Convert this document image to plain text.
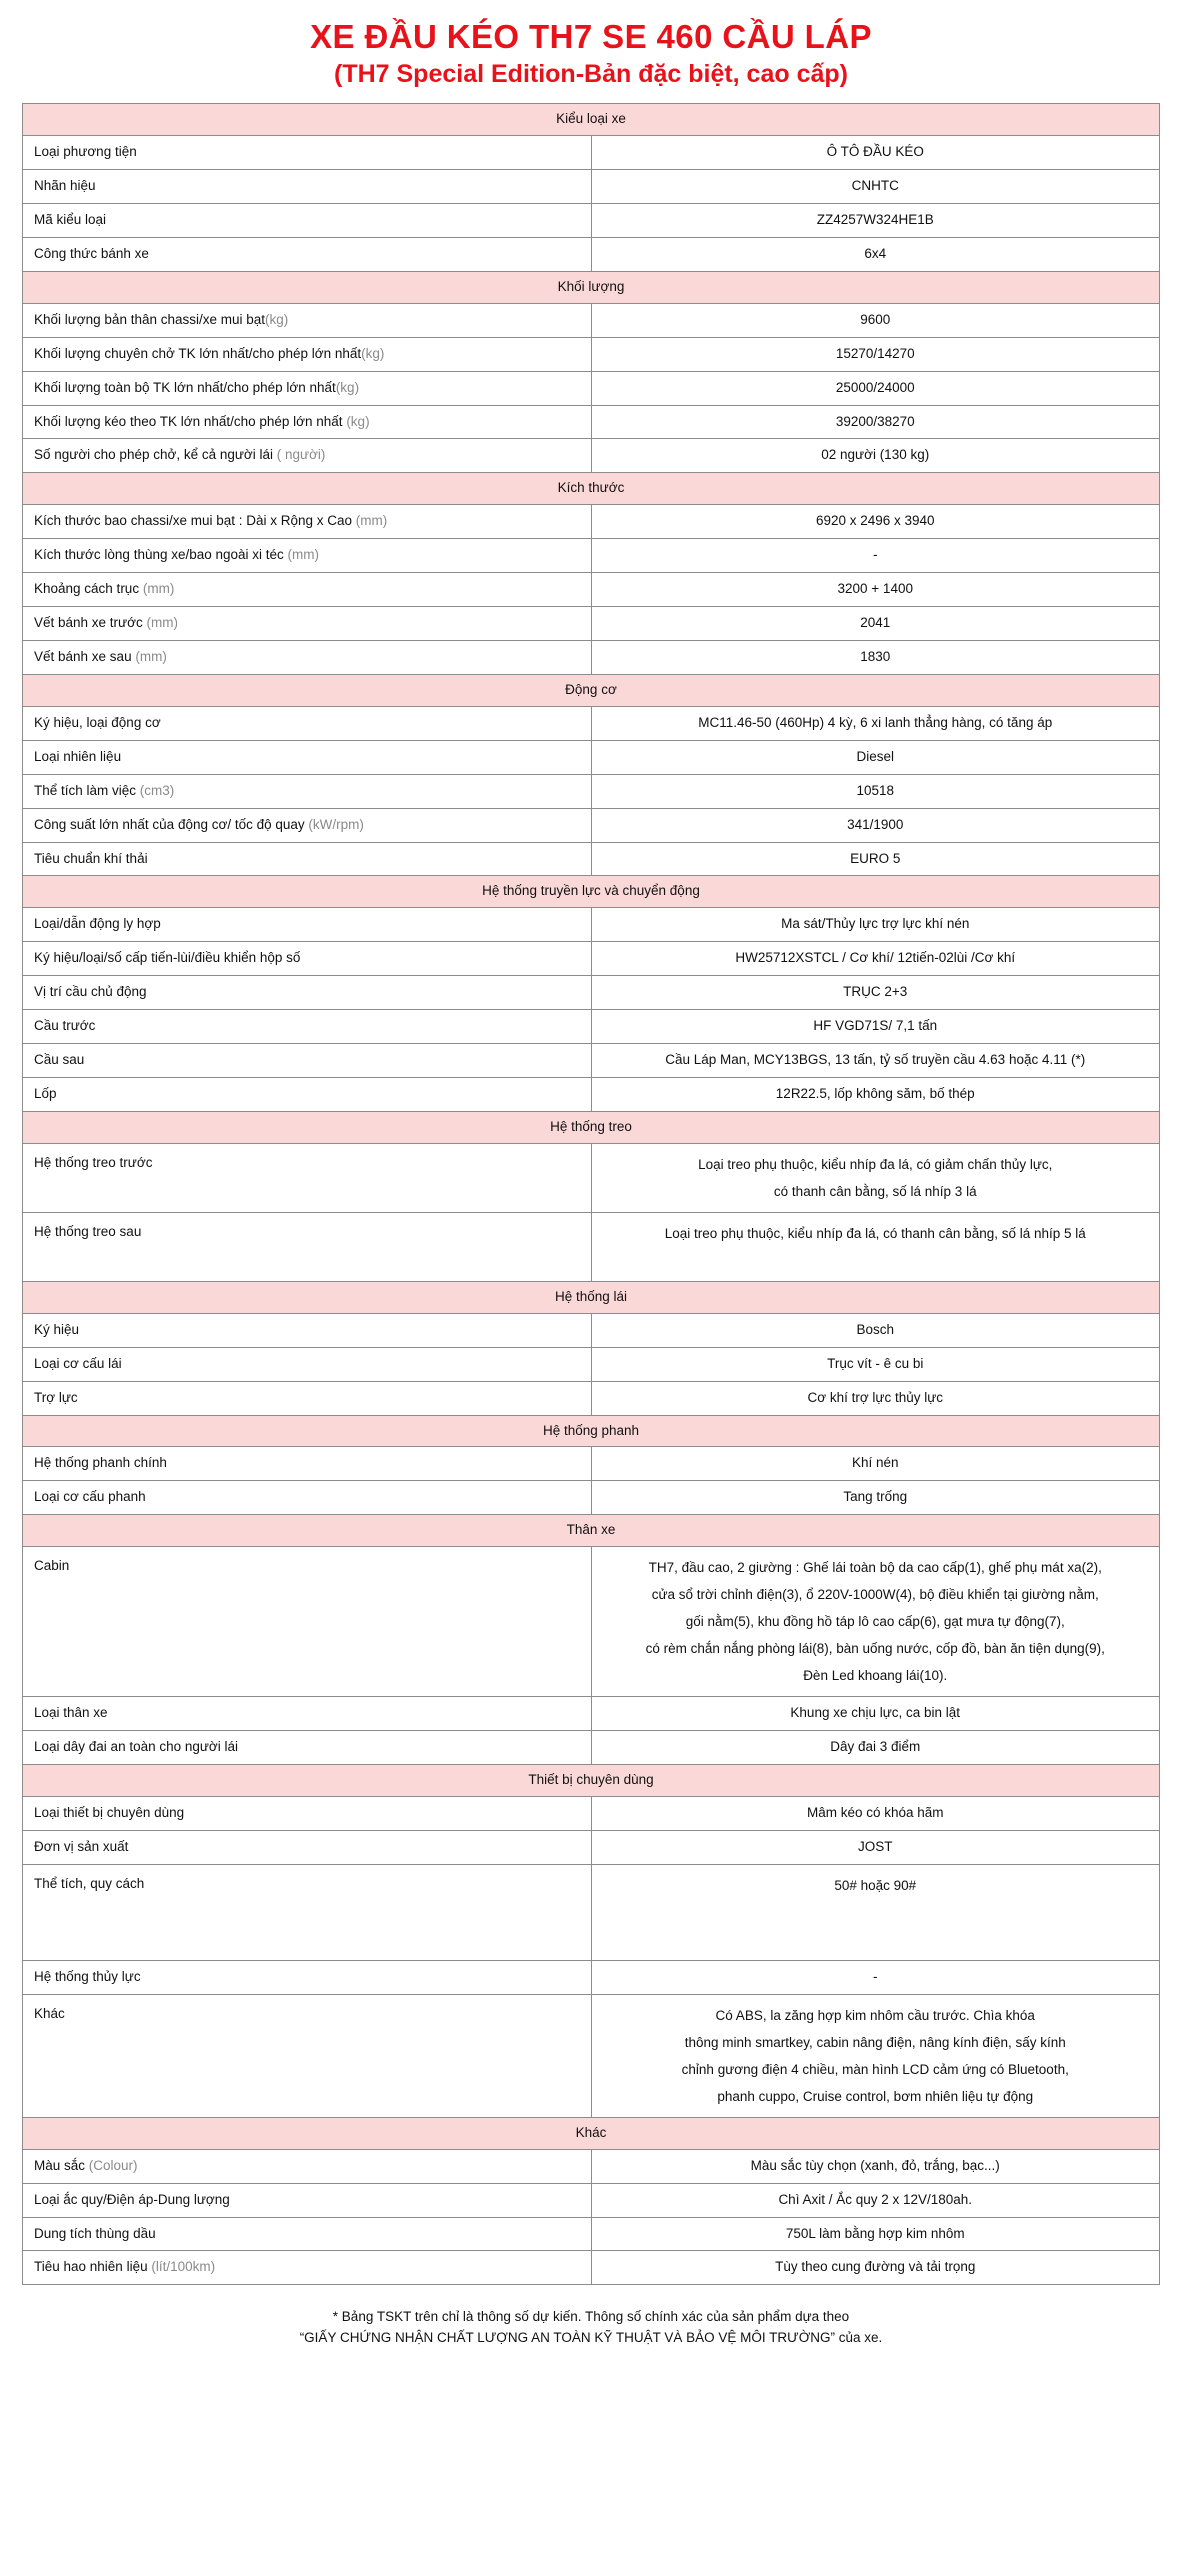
XE ĐẦU KÉO TH7 SE 460 CẦU LÁP
(TH7 Special Edition-Bản đặc biệt, cao cấp)
Kiểu loại xe	
Loại phương tiện	Ô TÔ ĐẦU KÉO
Nhãn hiệu	CNHTC
Mã kiểu loại	ZZ4257W324HE1B
Công thức bánh xe	6x4
Khối lượng	
Khối lượng bản thân chassi/xe mui bạt(kg)	9600
Khối lượng chuyên chở TK lớn nhất/cho phép lớn nhất(kg)	15270/14270
Khối lượng toàn bộ TK lớn nhất/cho phép lớn nhất(kg)	25000/24000
Khối lượng kéo theo TK lớn nhất/cho phép lớn nhất (kg)	39200/38270
Số người cho phép chở, kể cả người lái ( người)	02 người (130 kg)
Kích thước	
Kích thước bao chassi/xe mui bạt : Dài x Rộng x Cao (mm)	6920 x 2496 x 3940
Kích thước lòng thùng xe/bao ngoài xi téc (mm)	-
Khoảng cách trục (mm)	3200 + 1400
Vết bánh xe trước (mm)	2041
Vết bánh xe sau (mm)	1830
Động cơ	
Ký hiệu, loại động cơ	MC11.46-50 (460Hp) 4 kỳ, 6 xi lanh thẳng hàng, có tăng áp
Loại nhiên liệu	Diesel
Thể tích làm việc (cm3)	10518
Công suất lớn nhất của động cơ/ tốc độ quay (kW/rpm)	341/1900
Tiêu chuẩn khí thải	EURO 5
Hệ thống truyền lực và chuyển động	
Loại/dẫn động ly hợp	Ma sát/Thủy lực trợ lực khí nén
Ký hiệu/loại/số cấp tiến-lùi/điều khiển hộp số	HW25712XSTCL / Cơ khí/ 12tiến-02lùi /Cơ khí
Vị trí cầu chủ động	TRỤC 2+3
Cầu trước	HF VGD71S/ 7,1 tấn
Cầu sau	Cầu Láp Man, MCY13BGS, 13 tấn, tỷ số truyền cầu 4.63 hoặc 4.11 (*)
Lốp	12R22.5, lốp không săm, bố thép
Hệ thống treo	
Hệ thống treo trước	Loại treo phụ thuộc, kiểu nhíp đa lá, có giảm chấn thủy lực,
có thanh cân bằng, số lá nhíp 3 lá

Hệ thống treo sau	Loại treo phụ thuộc, kiểu nhíp đa lá, có thanh cân bằng, số lá nhíp 5 lá

Hệ thống lái	
Ký hiệu	Bosch
Loại cơ cấu lái	Trục vít - ê cu bi
Trợ lực	Cơ khí trợ lực thủy lực
Hệ thống phanh	
Hệ thống phanh chính	Khí nén
Loại cơ cấu phanh	Tang trống
Thân xe	
Cabin	TH7, đầu cao, 2 giường : Ghế lái toàn bộ da cao cấp(1), ghế phụ mát xa(2),
cửa sổ trời chỉnh điện(3), ổ 220V-1000W(4), bộ điều khiển tại giường nằm,
gối nằm(5), khu đồng hồ táp lô cao cấp(6), gạt mưa tự động(7),
có rèm chắn nắng phòng lái(8), bàn uống nước, cốp đồ, bàn ăn tiện dụng(9),
Đèn Led khoang lái(10).

Loại thân xe	Khung xe chịu lực, ca bin lật
Loại dây đai an toàn cho người lái	Dây đai 3 điểm
Thiết bị chuyên dùng	
Loại thiết bị chuyên dùng	Mâm kéo có khóa hãm
Đơn vị sản xuất	JOST
Thể tích, quy cách	50# hoặc 90#

Hệ thống thủy lực	-
Khác	Có ABS, la zăng hợp kim nhôm cầu trước. Chìa khóa
thông minh smartkey, cabin nâng điện, nâng kính điện, sấy kính
chỉnh gương điện 4 chiều, màn hình LCD cảm ứng có Bluetooth,
phanh cuppo, Cruise control, bơm nhiên liệu tự động

Khác	
Màu sắc (Colour)	Màu sắc tùy chọn (xanh, đỏ, trắng, bạc...)
Loại ắc quy/Điện áp-Dung lượng	Chì Axit / Ắc quy 2 x 12V/180ah.
Dung tích thùng dầu	750L làm bằng hợp kim nhôm
Tiêu hao nhiên liệu (lít/100km)	Tùy theo cung đường và tải trọng
* Bảng TSKT trên chỉ là thông số dự kiến. Thông số chính xác của sản phẩm dựa theo
“GIẤY CHỨNG NHẬN CHẤT LƯỢNG AN TOÀN KỸ THUẬT VÀ BẢO VỆ MÔI TRƯỜNG” của xe.
